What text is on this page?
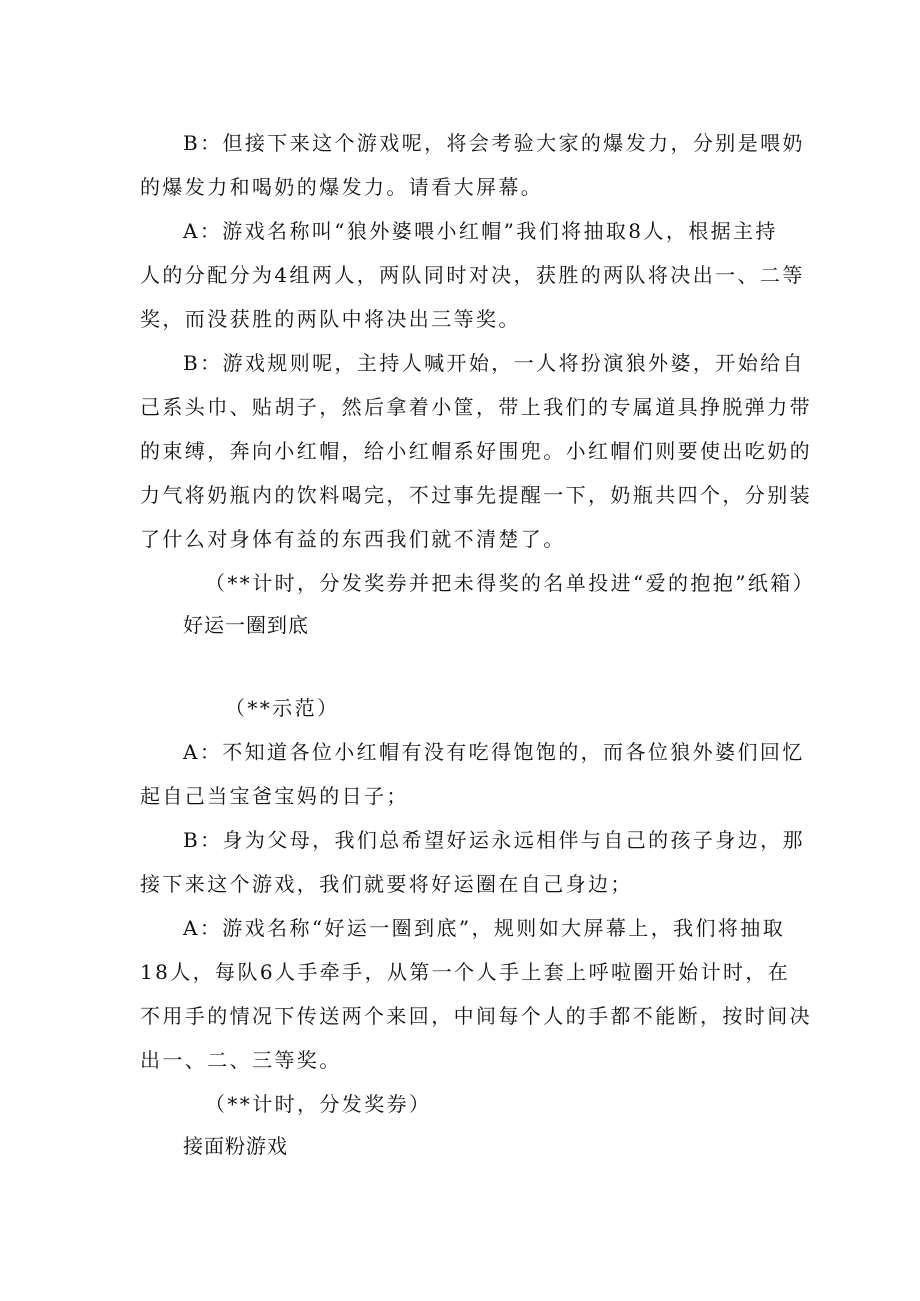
B：但接下来这个游戏呢，将会考验大家的爆发力，分别是喂奶
的爆发力和喝奶的爆发力。请看大屏幕。
A：游戏名称叫“狼外婆喂小红帽”我们将抽取8人，根据主持
人的分配分为4组两人，两队同时对决，获胜的两队将决出一、二等
奖，而没获胜的两队中将决出三等奖。
B：游戏规则呢，主持人喊开始，一人将扮演狼外婆，开始给自
己系头巾、贴胡子，然后拿着小筐，带上我们的专属道具挣脱弹力带
的束缚，奔向小红帽，给小红帽系好围兜。小红帽们则要使出吃奶的
力气将奶瓶内的饮料喝完，不过事先提醒一下，奶瓶共四个，分别装
了什么对身体有益的东西我们就不清楚了。
（**计时，分发奖券并把未得奖的名单投进“爱的抱抱”纸箱）
好运一圈到底
（**示范）
A：不知道各位小红帽有没有吃得饱饱的，而各位狼外婆们回忆
起自己当宝爸宝妈的日子；
B：身为父母，我们总希望好运永远相伴与自己的孩子身边，那
接下来这个游戏，我们就要将好运圈在自己身边；
A：游戏名称“好运一圈到底”，规则如大屏幕上，我们将抽取
18人，每队6人手牵手，从第一个人手上套上呼啦圈开始计时，在
不用手的情况下传送两个来回，中间每个人的手都不能断，按时间决
出一、二、三等奖。
（**计时，分发奖券）
接面粉游戏
